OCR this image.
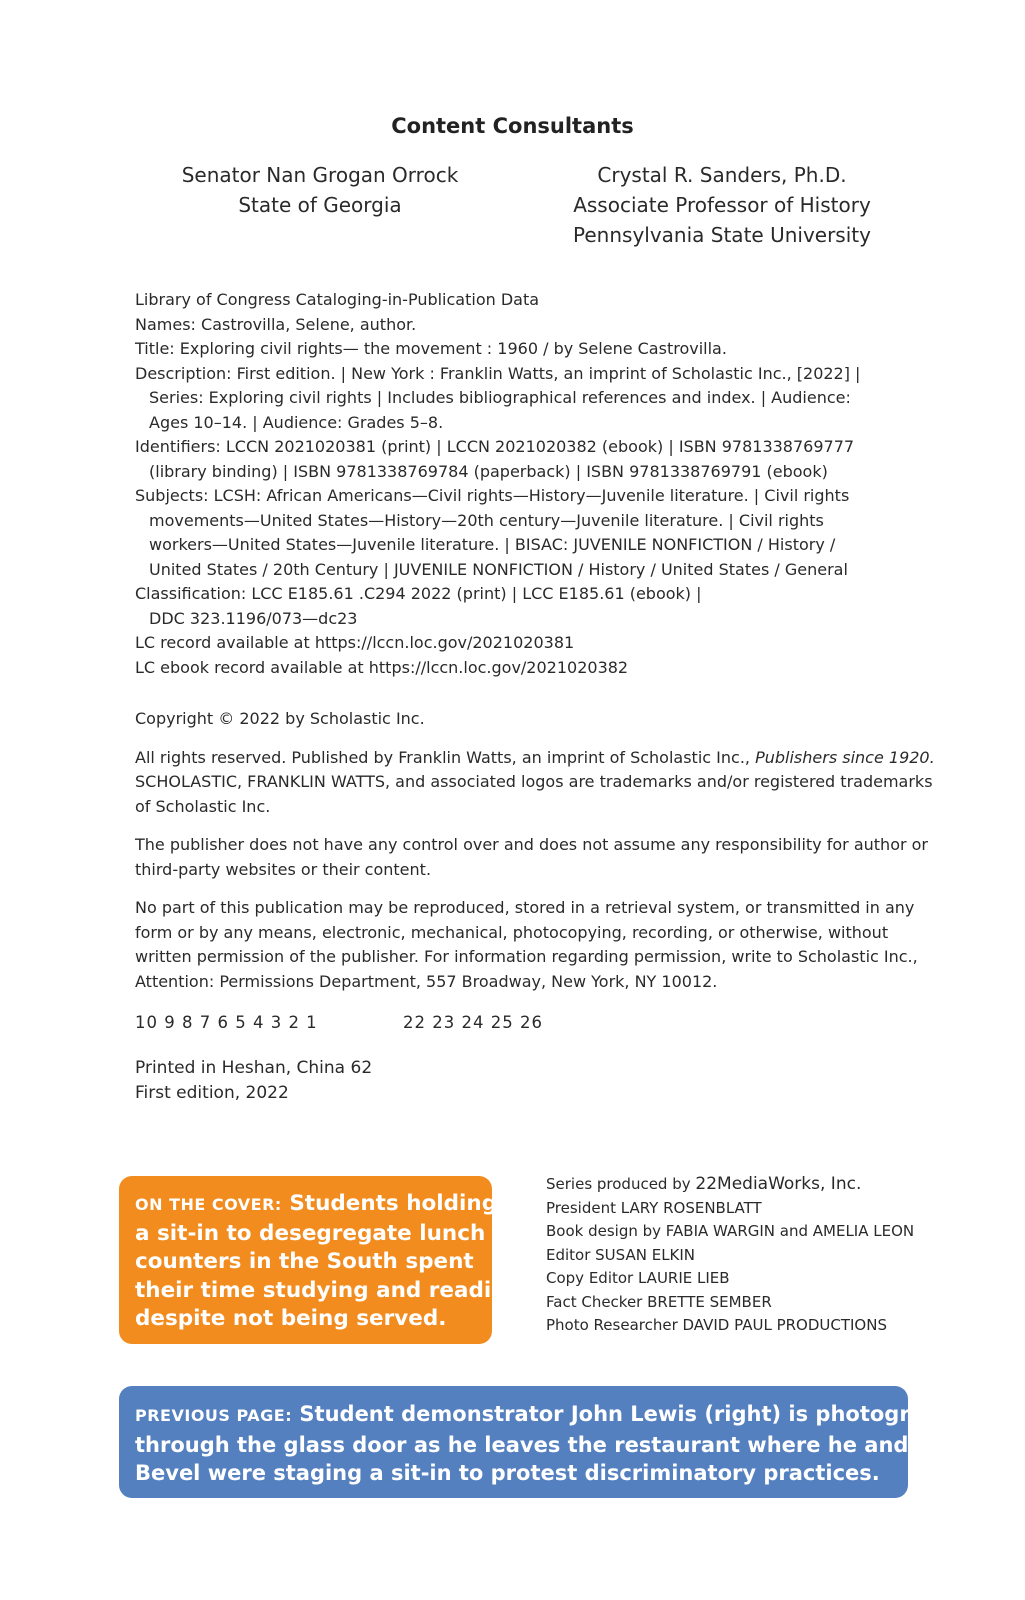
Content Consultants
Senator Nan Grogan Orrock
State of Georgia
Crystal R. Sanders, Ph.D.
Associate Professor of History
Pennsylvania State University
Library of Congress Cataloging-in-Publication Data
Names: Castrovilla, Selene, author.
Title: Exploring civil rights— the movement : 1960 / by Selene Castrovilla.
Description: First edition. | New York : Franklin Watts, an imprint of Scholastic Inc., [2022] |
Series: Exploring civil rights | Includes bibliographical references and index. | Audience:
Ages 10–14. | Audience: Grades 5–8.
Identifiers: LCCN 2021020381 (print) | LCCN 2021020382 (ebook) | ISBN 9781338769777
(library binding) | ISBN 9781338769784 (paperback) | ISBN 9781338769791 (ebook)
Subjects: LCSH: African Americans—Civil rights—History—Juvenile literature. | Civil rights
movements—United States—History—20th century—Juvenile literature. | Civil rights
workers—United States—Juvenile literature. | BISAC: JUVENILE NONFICTION / History /
United States / 20th Century | JUVENILE NONFICTION / History / United States / General
Classification: LCC E185.61 .C294 2022 (print) | LCC E185.61 (ebook) |
DDC 323.1196/073—dc23
LC record available at https://lccn.loc.gov/2021020381
LC ebook record available at https://lccn.loc.gov/2021020382

Copyright © 2022 by Scholastic Inc.

All rights reserved. Published by Franklin Watts, an imprint of Scholastic Inc., Publishers since 1920.
SCHOLASTIC, FRANKLIN WATTS, and associated logos are trademarks and/or registered trademarks
of Scholastic Inc.

The publisher does not have any control over and does not assume any responsibility for author or
third-party websites or their content.

No part of this publication may be reproduced, stored in a retrieval system, or transmitted in any
form or by any means, electronic, mechanical, photocopying, recording, or otherwise, without
written permission of the publisher. For information regarding permission, write to Scholastic Inc.,
Attention: Permissions Department, 557 Broadway, New York, NY 10012.

10 9 8 7 6 5 4 3 2 1	22 23 24 25 26
Printed in Heshan, China 62
First edition, 2022
ON THE COVER: Students holding
a sit-in to desegregate lunch
counters in the South spent
their time studying and reading
despite not being served.
Series produced by 22MediaWorks, Inc.
President LARY ROSENBLATT
Book design by FABIA WARGIN and AMELIA LEON
Editor SUSAN ELKIN
Copy Editor LAURIE LIEB
Fact Checker BRETTE SEMBER
Photo Researcher DAVID PAUL PRODUCTIONS
PREVIOUS PAGE: Student demonstrator John Lewis (right) is photographed
through the glass door as he leaves the restaurant where he and James
Bevel were staging a sit-in to protest discriminatory practices.
